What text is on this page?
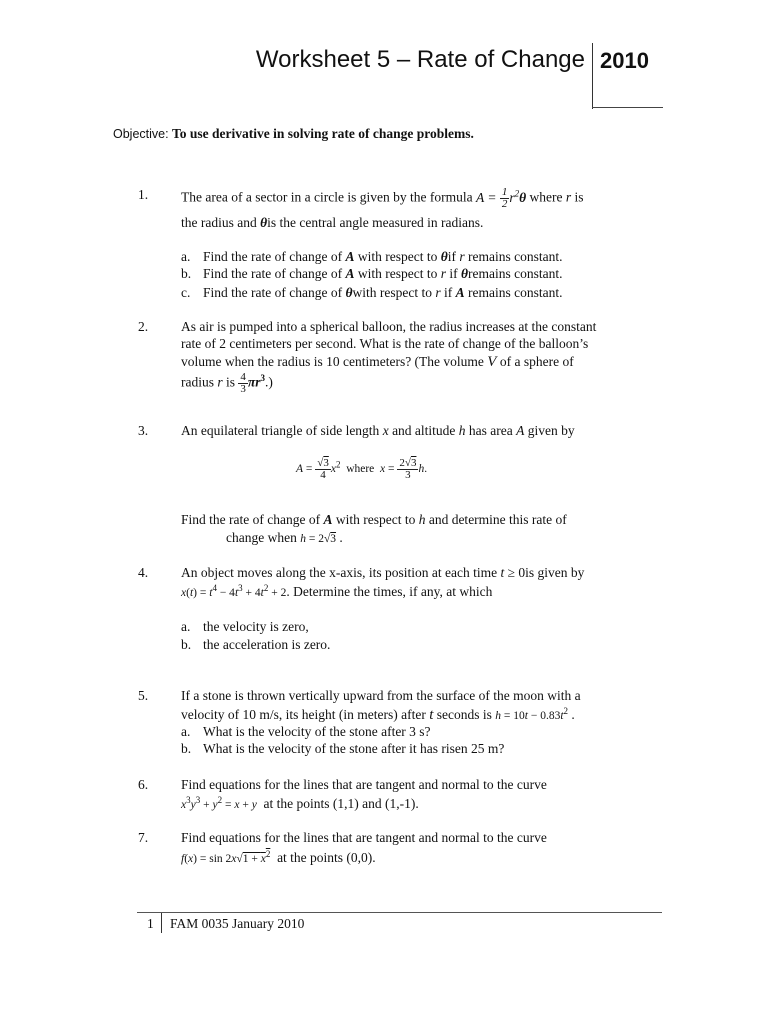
Worksheet 5 – Rate of Change 2010
Objective: To use derivative in solving rate of change problems.
1.	The area of a sector in a circle is given by the formula $A = \frac{1}{2} r^2\theta$ where r is
the radius and θis the central angle measured in radians.
a. Find the rate of change of A with respect to θif r remains constant.
b. Find the rate of change of A with respect to r if θremains constant.
c. Find the rate of change of θwith respect to r if A remains constant.
2.	As air is pumped into a spherical balloon, the radius increases at the constant
rate of 2 centimeters per second. What is the rate of change of the balloon’s
volume when the radius is 10 centimeters? (The volume V of a sphere of
radius r is $\frac{4}{3} \pi r^3$.)
3.	An equilateral triangle of side length x and altitude h has area A given by
$A = \frac{√3}{4} x^2$ where $x = \frac{2√3}{3} h$.
Find the rate of change of A with respect to h and determine this rate of
change when h = 2√3 .
4.	An object moves along the x-axis, its position at each time t ≥ 0is given by
$x(t) = t^4 - 4t^3 + 4t^2 + 2$. Determine the times, if any, at which
a. the velocity is zero,
b. the acceleration is zero.
5.	If a stone is thrown vertically upward from the surface of the moon with a
velocity of 10 m/s, its height (in meters) after t seconds is $h = 10t - 0.83t^2$ .
a. What is the velocity of the stone after 3 s?
b. What is the velocity of the stone after it has risen 25 m?
6.	Find equations for the lines that are tangent and normal to the curve
$x^3y^3 + y^2 = x + y$ at the points (1,1) and (1,-1).
7.	Find equations for the lines that are tangent and normal to the curve
$f(x) = \sin 2x√1 + x^2$ at the points (0,0).
1 FAM 0035 January 2010
